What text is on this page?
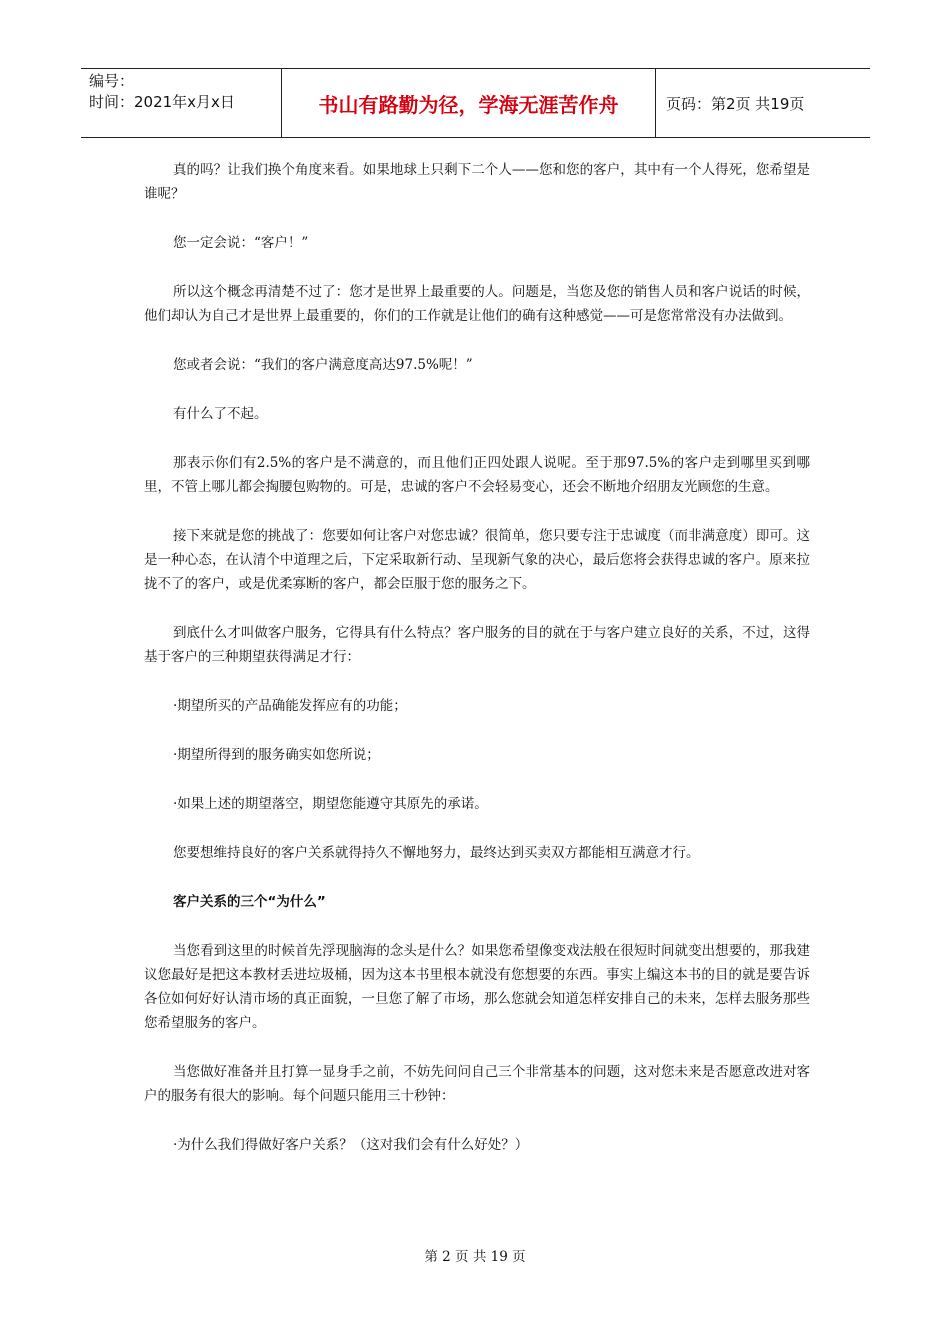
编号：
时间：2021年x月x日	书山有路勤为径，学海无涯苦作舟	页码：第2页 共19页

真的吗？让我们换个角度来看。如果地球上只剩下二个人——您和您的客户，其中有一个人得死，您希望是谁呢？

您一定会说：“客户！”

所以这个概念再清楚不过了：您才是世界上最重要的人。问题是，当您及您的销售人员和客户说话的时候，他们却认为自己才是世界上最重要的，你们的工作就是让他们的确有这种感觉——可是您常常没有办法做到。

您或者会说：“我们的客户满意度高达97.5%呢！”

有什么了不起。

那表示你们有2.5%的客户是不满意的，而且他们正四处跟人说呢。至于那97.5%的客户走到哪里买到哪里，不管上哪儿都会掏腰包购物的。可是，忠诚的客户不会轻易变心，还会不断地介绍朋友光顾您的生意。

接下来就是您的挑战了：您要如何让客户对您忠诚？很简单，您只要专注于忠诚度（而非满意度）即可。这是一种心态，在认清个中道理之后，下定采取新行动、呈现新气象的决心，最后您将会获得忠诚的客户。原来拉拢不了的客户，或是优柔寡断的客户，都会臣服于您的服务之下。

到底什么才叫做客户服务，它得具有什么特点？客户服务的目的就在于与客户建立良好的关系，不过，这得基于客户的三种期望获得满足才行：

·期望所买的产品确能发挥应有的功能；

·期望所得到的服务确实如您所说；

·如果上述的期望落空，期望您能遵守其原先的承诺。

您要想维持良好的客户关系就得持久不懈地努力，最终达到买卖双方都能相互满意才行。

客户关系的三个“为什么”

当您看到这里的时候首先浮现脑海的念头是什么？如果您希望像变戏法般在很短时间就变出想要的，那我建议您最好是把这本教材丢进垃圾桶，因为这本书里根本就没有您想要的东西。事实上编这本书的目的就是要告诉各位如何好好认清市场的真正面貌，一旦您了解了市场，那么您就会知道怎样安排自己的未来，怎样去服务那些您希望服务的客户。

当您做好准备并且打算一显身手之前，不妨先问问自己三个非常基本的问题，这对您未来是否愿意改进对客户的服务有很大的影响。每个问题只能用三十秒钟：

·为什么我们得做好客户关系？（这对我们会有什么好处？）

第 2 页 共 19 页
